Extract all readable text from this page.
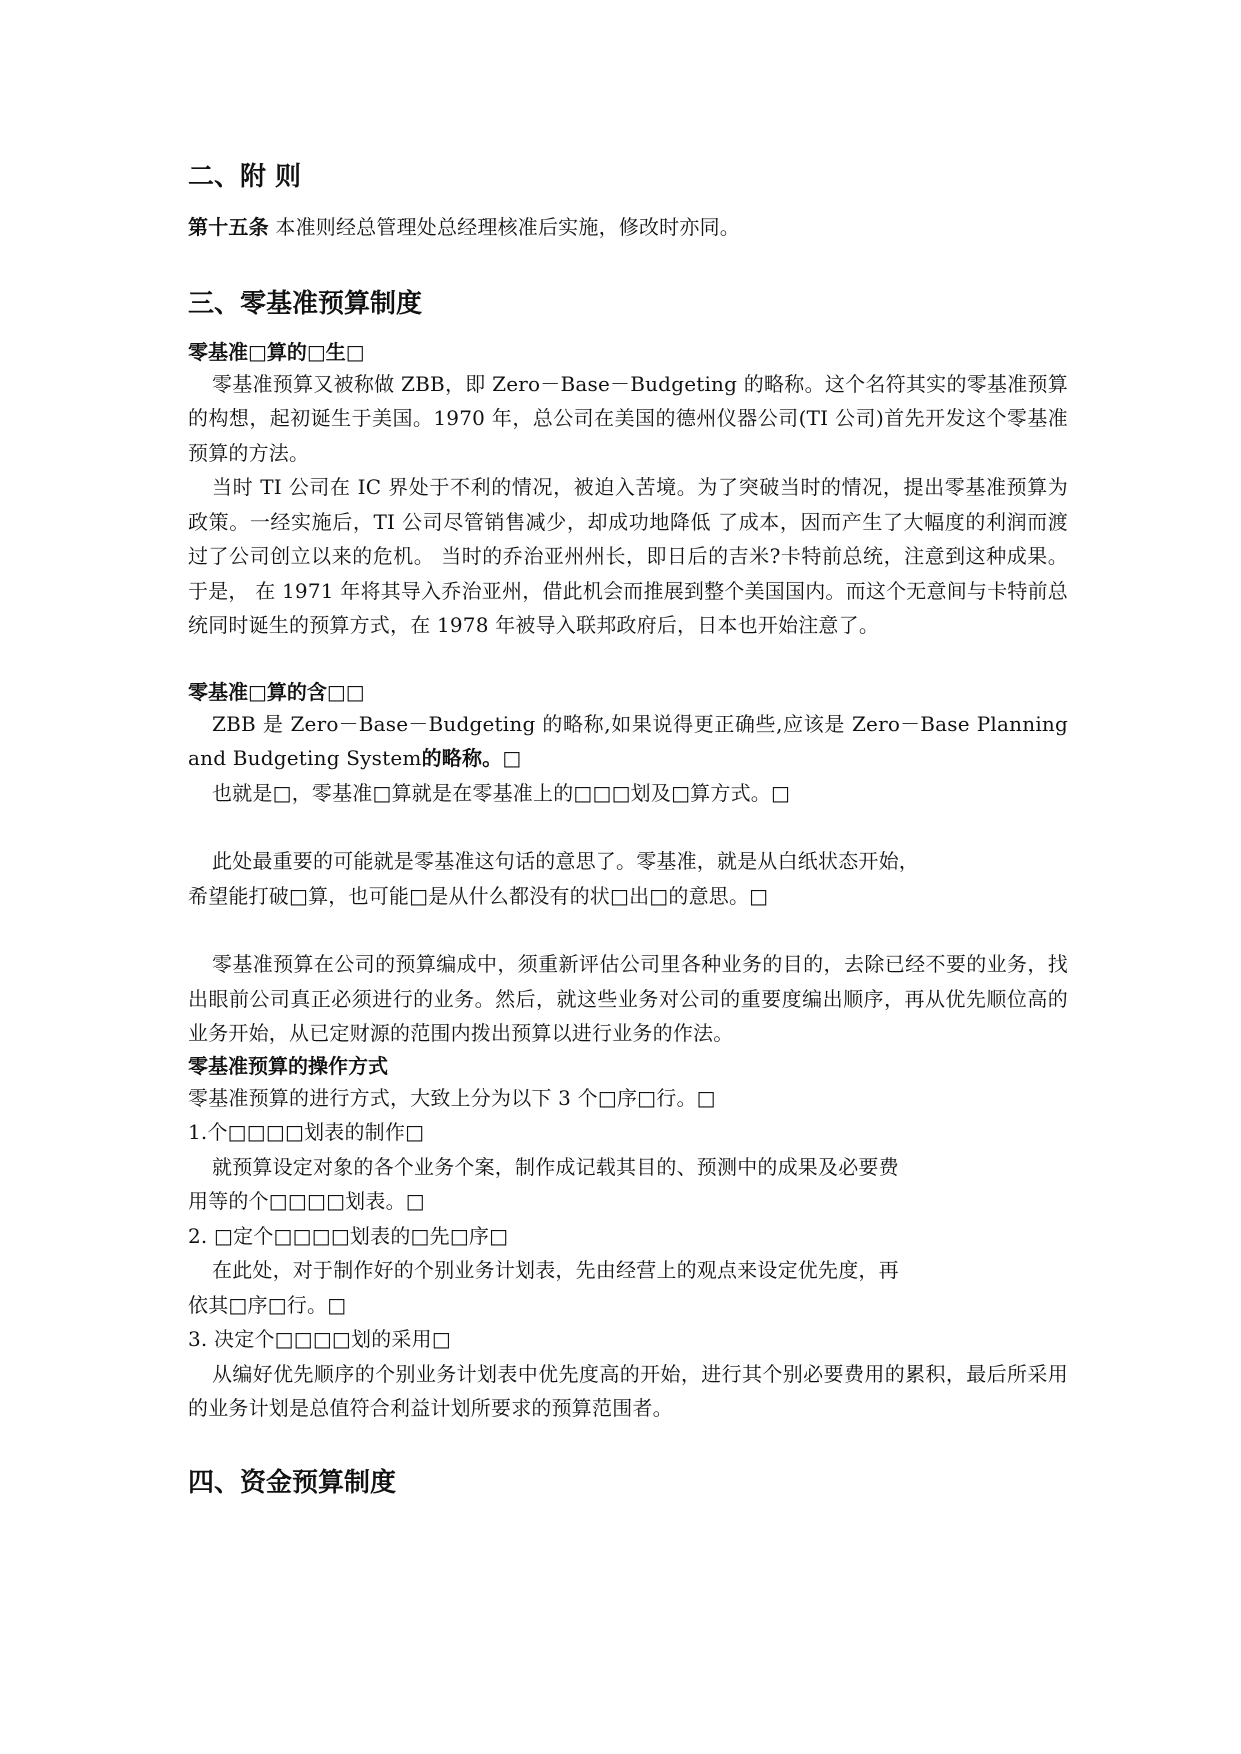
二、附 则

第十五条 本准则经总管理处总经理核准后实施，修改时亦同。

三、零基准预算制度
零基准□算的□生□

零基准预算又被称做 ZBB，即 Zero－Base－Budgeting 的略称。这个名符其实的零基准预算的构想，起初诞生于美国。1970 年，总公司在美国的德州仪器公司(TI 公司)首先开发这个零基准预算的方法。

当时 TI 公司在 IC 界处于不利的情况，被迫入苦境。为了突破当时的情况，提出零基准预算为政策。一经实施后，TI 公司尽管销售减少，却成功地降低 了成本，因而产生了大幅度的利润而渡过了公司创立以来的危机。 当时的乔治亚州州长，即日后的吉米?卡特前总统，注意到这种成果。于是， 在 1971 年将其导入乔治亚州，借此机会而推展到整个美国国内。而这个无意间与卡特前总统同时诞生的预算方式，在 1978 年被导入联邦政府后，日本也开始注意了。

零基准□算的含□□

ZBB 是 Zero－Base－Budgeting 的略称,如果说得更正确些,应该是 Zero－Base Planning and Budgeting System的略称。□

也就是□，零基准□算就是在零基准上的□□□划及□算方式。□

此处最重要的可能就是零基准这句话的意思了。零基准，就是从白纸状态开始，

希望能打破□算，也可能□是从什么都没有的状□出□的意思。□

零基准预算在公司的预算编成中，须重新评估公司里各种业务的目的，去除已经不要的业务，找出眼前公司真正必须进行的业务。然后，就这些业务对公司的重要度编出顺序，再从优先顺位高的业务开始，从已定财源的范围内拨出预算以进行业务的作法。

零基准预算的操作方式

零基准预算的进行方式，大致上分为以下 3 个□序□行。□

1.个□□□□划表的制作□

就预算设定对象的各个业务个案，制作成记载其目的、预测中的成果及必要费

用等的个□□□□划表。□

2. □定个□□□□划表的□先□序□

在此处，对于制作好的个别业务计划表，先由经营上的观点来设定优先度，再

依其□序□行。□

3. 决定个□□□□划的采用□

从编好优先顺序的个别业务计划表中优先度高的开始，进行其个别必要费用的累积，最后所采用的业务计划是总值符合利益计划所要求的预算范围者。

四、资金预算制度
